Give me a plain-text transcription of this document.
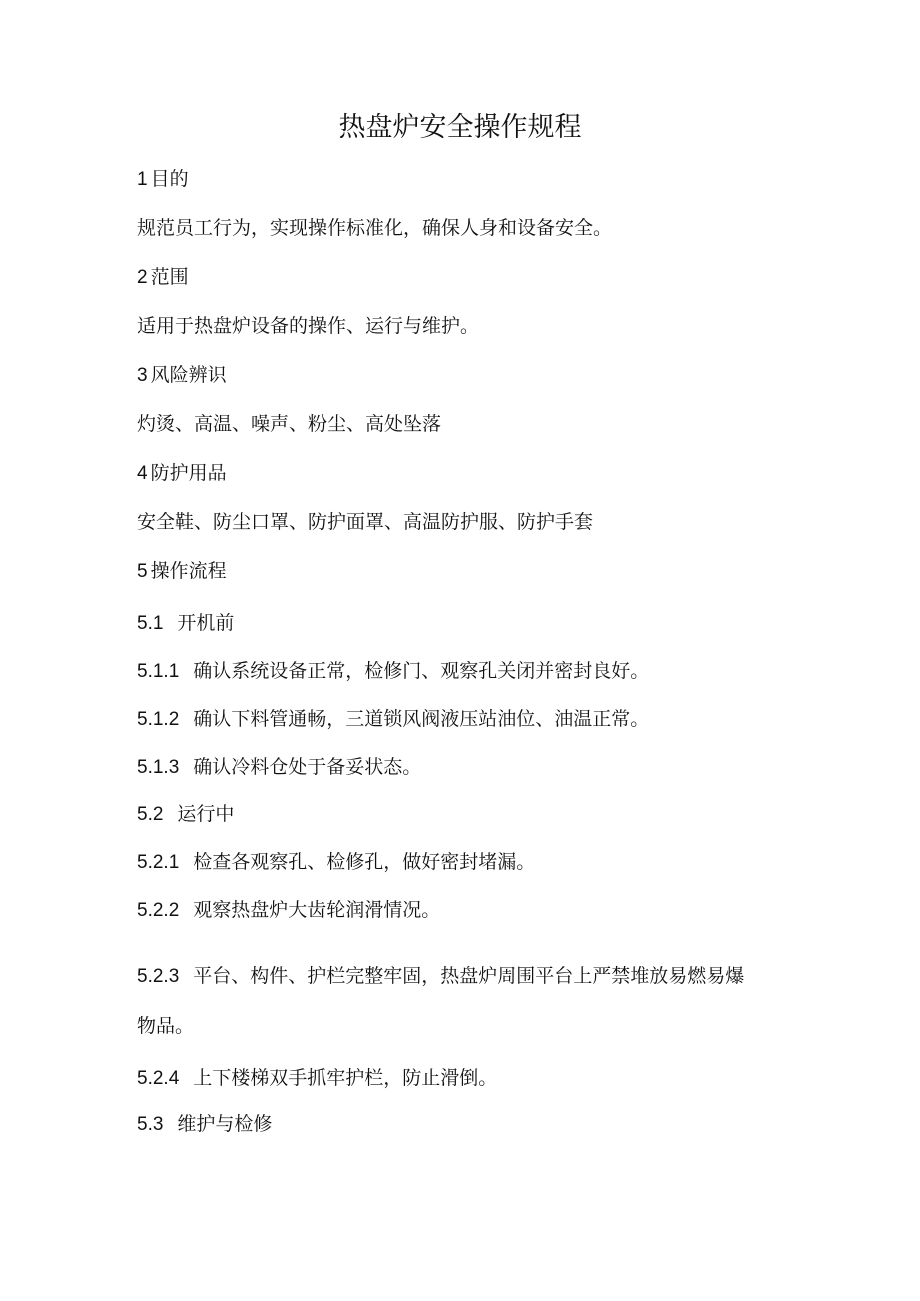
热盘炉安全操作规程
1 目的
规范员工行为，实现操作标准化，确保人身和设备安全。
2 范围
适用于热盘炉设备的操作、运行与维护。
3 风险辨识
灼烫、高温、噪声、粉尘、高处坠落
4 防护用品
安全鞋、防尘口罩、防护面罩、高温防护服、防护手套
5 操作流程
5.1 开机前
5.1.1 确认系统设备正常，检修门、观察孔关闭并密封良好。
5.1.2 确认下料管通畅，三道锁风阀液压站油位、油温正常。
5.1.3 确认冷料仓处于备妥状态。
5.2 运行中
5.2.1 检查各观察孔、检修孔，做好密封堵漏。
5.2.2 观察热盘炉大齿轮润滑情况。
5.2.3 平台、构件、护栏完整牢固，热盘炉周围平台上严禁堆放易燃易爆
物品。
5.2.4 上下楼梯双手抓牢护栏，防止滑倒。
5.3 维护与检修
